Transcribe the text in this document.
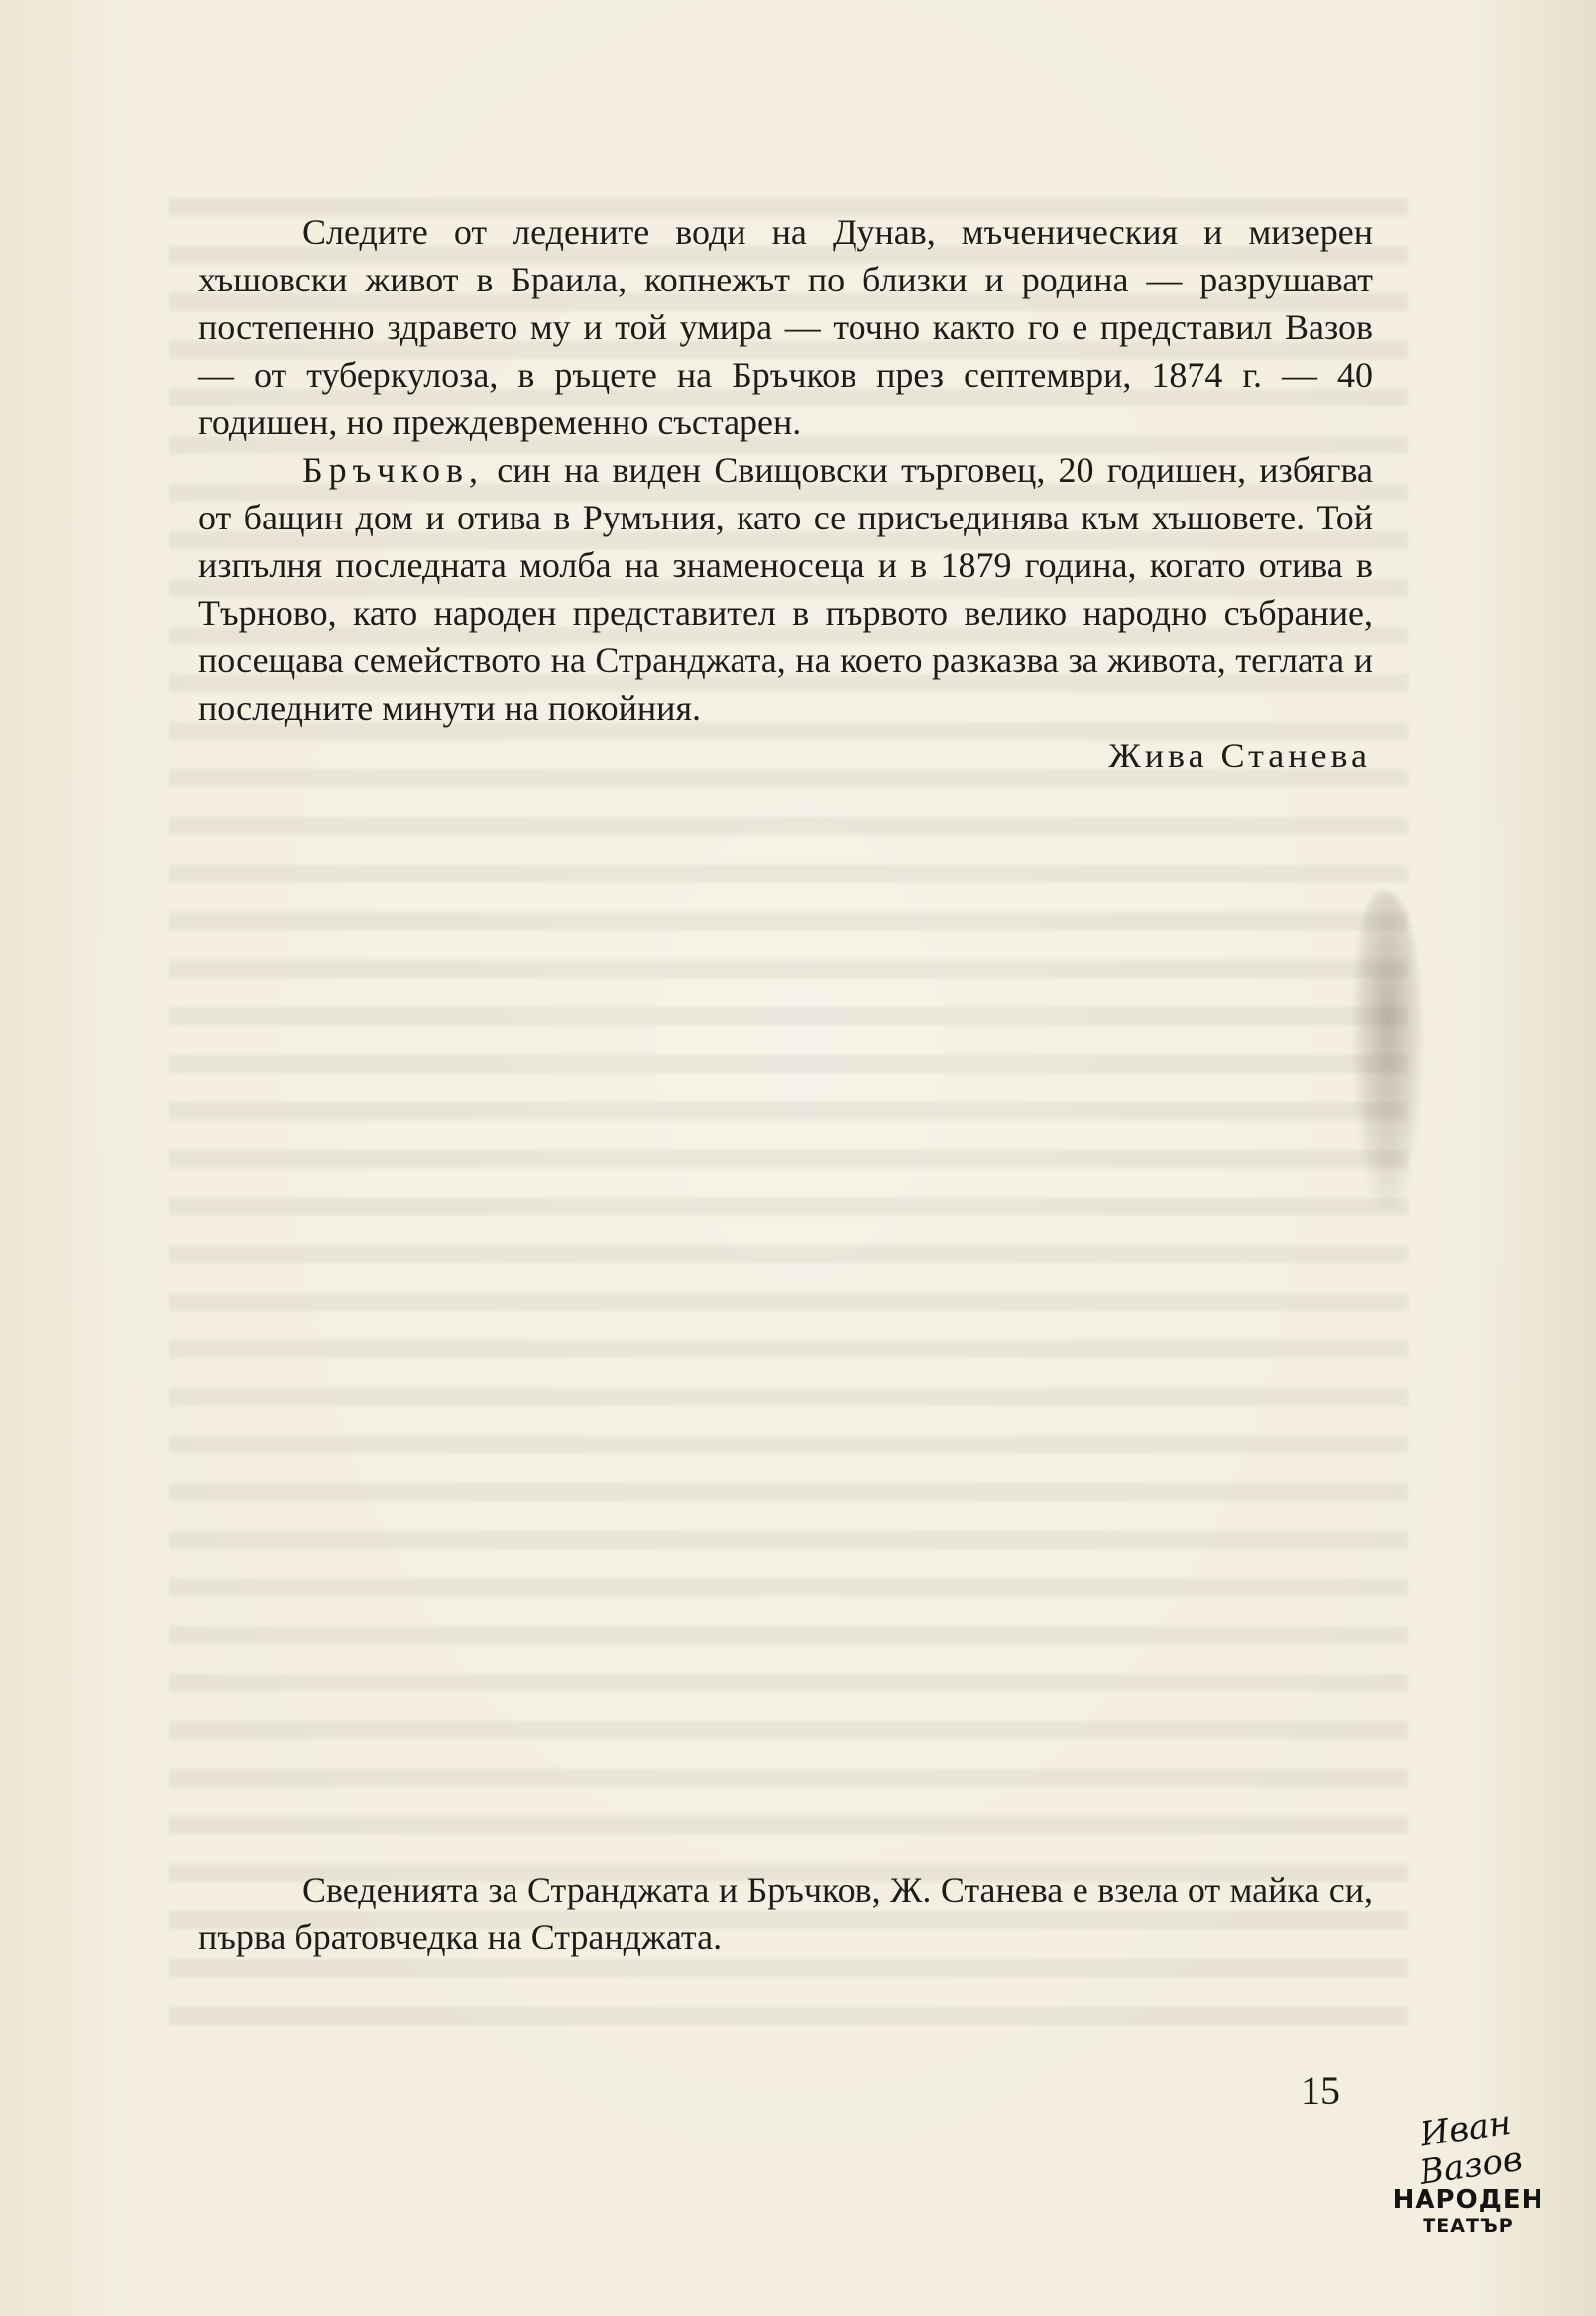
Следите от ледените води на Дунав, мъченическия и мизерен хъшовски живот в Браила, копнежът по близки и родина — разрушават постепенно здравето му и той умира — точно както го е представил Вазов — от туберкулоза, в ръцете на Бръчков през септември, 1874 г. — 40 годишен, но преждевременно състарен.

Бръчков, син на виден Свищовски търговец, 20 годишен, избягва от бащин дом и отива в Румъния, като се присъединява към хъшовете. Той изпълня последната молба на знаменосеца и в 1879 година, когато отива в Търново, като народен представител в първото велико народно събрание, посещава семейството на Странджата, на което разказва за живота, теглата и последните минути на покойния.

Жива Станева

Сведенията за Странджата и Бръчков, Ж. Станева е взела от майка си, първа братовчедка на Странджата.

15
Иван Вазов
НАРОДЕН
ТЕАТЪР
